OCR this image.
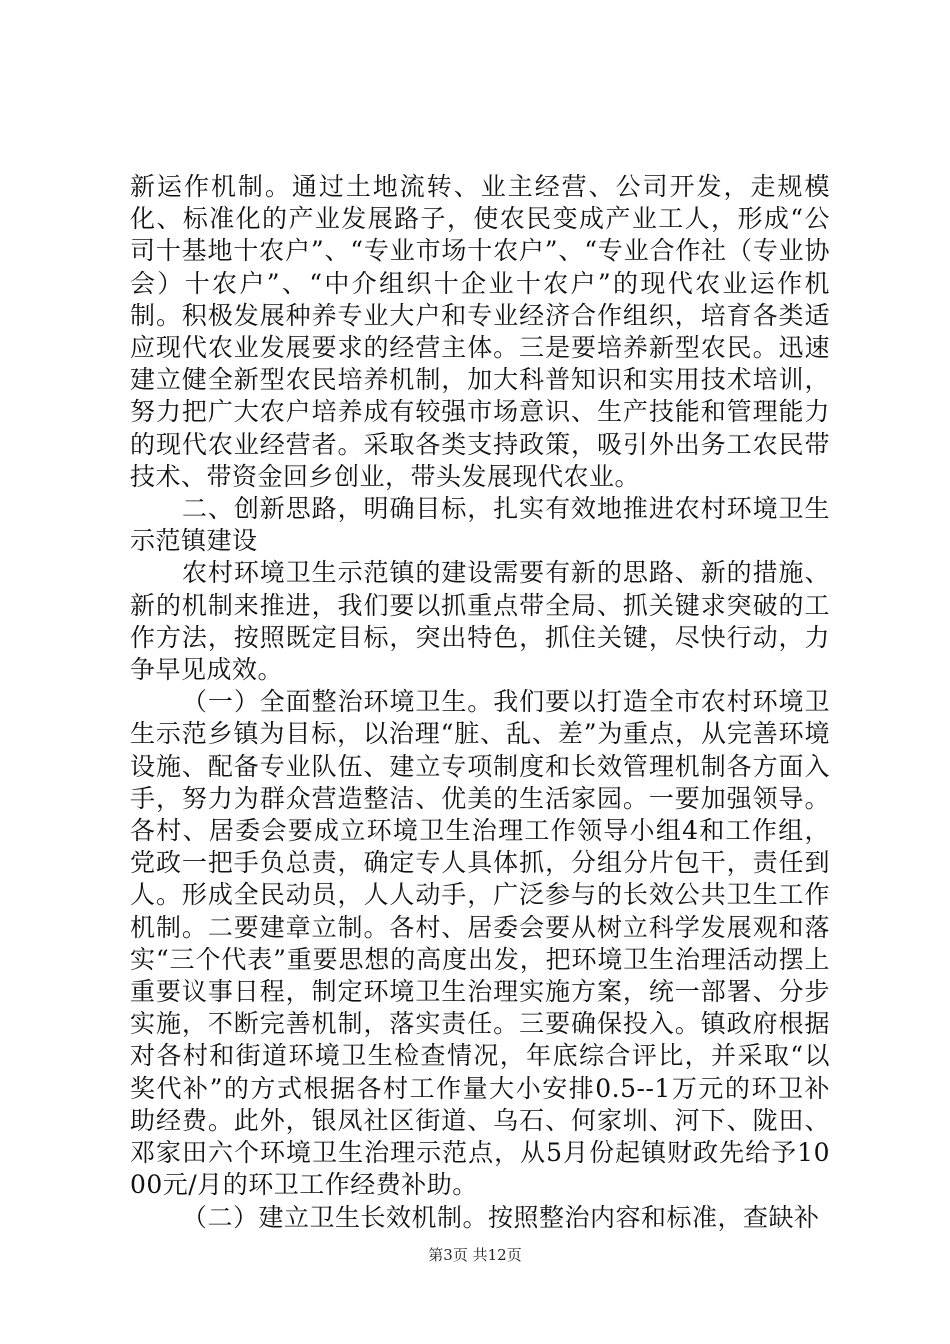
新运作机制。通过土地流转、业主经营、公司开发，走规模化、标准化的产业发展路子，使农民变成产业工人，形成“公司十基地十农户”、“专业市场十农户”、“专业合作社（专业协会）十农户”、“中介组织十企业十农户”的现代农业运作机制。积极发展种养专业大户和专业经济合作组织，培育各类适应现代农业发展要求的经营主体。三是要培养新型农民。迅速建立健全新型农民培养机制，加大科普知识和实用技术培训，努力把广大农户培养成有较强市场意识、生产技能和管理能力的现代农业经营者。采取各类支持政策，吸引外出务工农民带技术、带资金回乡创业，带头发展现代农业。

二、创新思路，明确目标，扎实有效地推进农村环境卫生示范镇建设

农村环境卫生示范镇的建设需要有新的思路、新的措施、新的机制来推进，我们要以抓重点带全局、抓关键求突破的工作方法，按照既定目标，突出特色，抓住关键，尽快行动，力争早见成效。

（一）全面整治环境卫生。我们要以打造全市农村环境卫生示范乡镇为目标，以治理“脏、乱、差”为重点，从完善环境设施、配备专业队伍、建立专项制度和长效管理机制各方面入手，努力为群众营造整洁、优美的生活家园。一要加强领导。各村、居委会要成立环境卫生治理工作领导小组4和工作组，党政一把手负总责，确定专人具体抓，分组分片包干，责任到人。形成全民动员，人人动手，广泛参与的长效公共卫生工作机制。二要建章立制。各村、居委会要从树立科学发展观和落实“三个代表”重要思想的高度出发，把环境卫生治理活动摆上重要议事日程，制定环境卫生治理实施方案，统一部署、分步实施，不断完善机制，落实责任。三要确保投入。镇政府根据对各村和街道环境卫生检查情况，年底综合评比，并采取“以奖代补”的方式根据各村工作量大小安排0.5--1万元的环卫补助经费。此外，银凤社区街道、乌石、何家圳、河下、陇田、邓家田六个环境卫生治理示范点，从5月份起镇财政先给予1000元/月的环卫工作经费补助。

（二）建立卫生长效机制。按照整治内容和标准，查缺补

第3页 共12页
